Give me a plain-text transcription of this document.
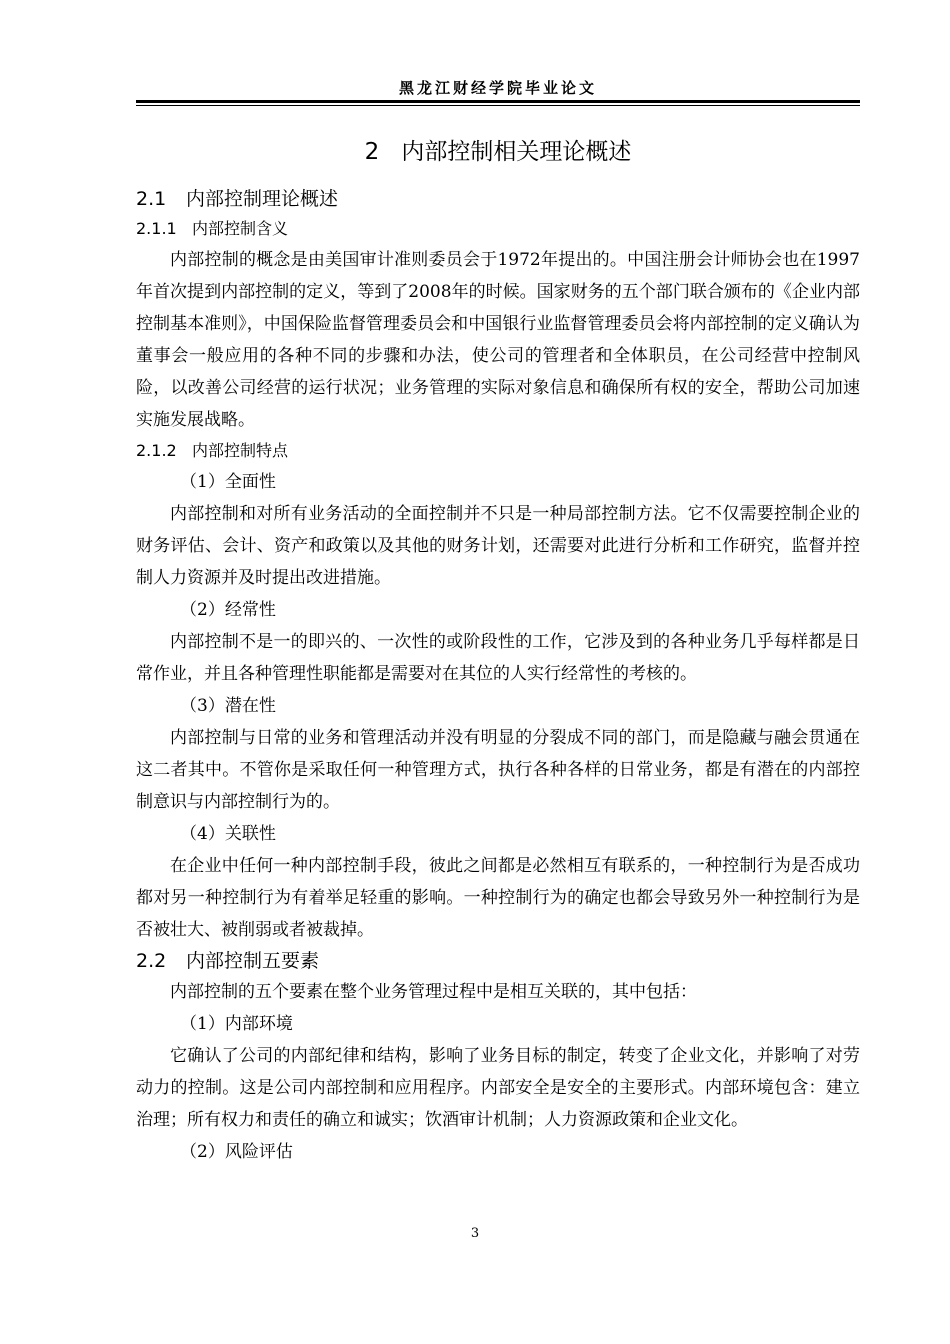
黑龙江财经学院毕业论文
2 内部控制相关理论概述
2.1 内部控制理论概述
2.1.1 内部控制含义

内部控制的概念是由美国审计准则委员会于1972年提出的。中国注册会计师协会也在1997年首次提到内部控制的定义，等到了2008年的时候。国家财务的五个部门联合颁布的《企业内部控制基本准则》，中国保险监督管理委员会和中国银行业监督管理委员会将内部控制的定义确认为董事会一般应用的各种不同的步骤和办法，使公司的管理者和全体职员，在公司经营中控制风险，以改善公司经营的运行状况；业务管理的实际对象信息和确保所有权的安全，帮助公司加速实施发展战略。

2.1.2 内部控制特点

（1）全面性

内部控制和对所有业务活动的全面控制并不只是一种局部控制方法。它不仅需要控制企业的财务评估、会计、资产和政策以及其他的财务计划，还需要对此进行分析和工作研究，监督并控制人力资源并及时提出改进措施。

（2）经常性

内部控制不是一的即兴的、一次性的或阶段性的工作，它涉及到的各种业务几乎每样都是日常作业，并且各种管理性职能都是需要对在其位的人实行经常性的考核的。

（3）潜在性

内部控制与日常的业务和管理活动并没有明显的分裂成不同的部门，而是隐藏与融会贯通在这二者其中。不管你是采取任何一种管理方式，执行各种各样的日常业务，都是有潜在的内部控制意识与内部控制行为的。

（4）关联性

在企业中任何一种内部控制手段，彼此之间都是必然相互有联系的，一种控制行为是否成功都对另一种控制行为有着举足轻重的影响。一种控制行为的确定也都会导致另外一种控制行为是否被壮大、被削弱或者被裁掉。

2.2 内部控制五要素

内部控制的五个要素在整个业务管理过程中是相互关联的，其中包括：

（1）内部环境

它确认了公司的内部纪律和结构，影响了业务目标的制定，转变了企业文化，并影响了对劳动力的控制。这是公司内部控制和应用程序。内部安全是安全的主要形式。内部环境包含：建立治理；所有权力和责任的确立和诚实；饮酒审计机制；人力资源政策和企业文化。

（2）风险评估

3
